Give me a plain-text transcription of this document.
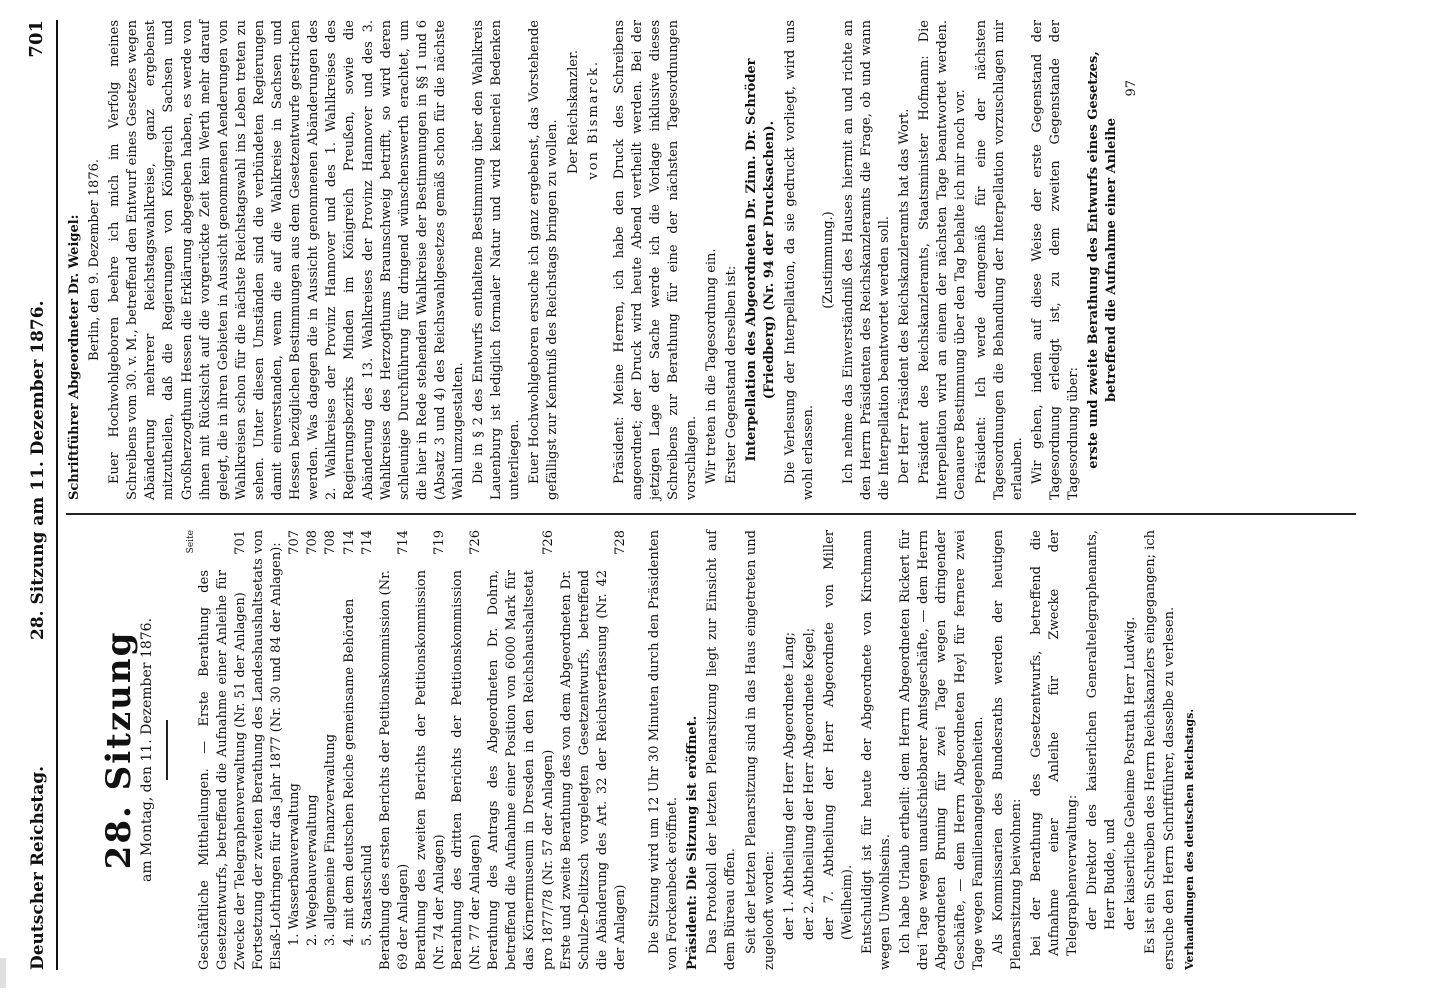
Deutscher Reichstag.
28. Sitzung am 11. Dezember 1876.
701
28. Sitzung am Montag, den 11. Dezember 1876.
Seite
Geschäftliche Mittheilungen. — Erste Berathung des Gesetzentwurfs, betreffend die Aufnahme einer Anleihe für Zwecke der Telegraphenverwaltung (Nr. 51 der Anlagen)
701 Fortsetzung der zweiten Berathung des Landeshaushaltsetats von Elsaß-Lothringen für das Jahr 1877 (Nr. 30 und 84 der Anlagen): 1. Wasserbauverwaltung
707
2. Wegebauverwaltung
708
3. allgemeine Finanzverwaltung
708
4. mit dem deutschen Reiche gemeinsame Behörden
714
5. Staatsschuld
714
Berathung des ersten Berichts der Petitionskommission (Nr. 69 der Anlagen)
714
Berathung des zweiten Berichts der Petitionskommission (Nr. 74 der Anlagen)
719
Berathung des dritten Berichts der Petitionskommission (Nr. 77 der Anlagen)
726
Berathung des Antrags des Abgeordneten Dr. Dohrn, betreffend die Aufnahme einer Position von 6000 Mark für das Körnermuseum in Dresden in den Reichshaushaltsetat pro 1877/78 (Nr. 57 der Anlagen)
726
Erste und zweite Berathung des von dem Abgeordneten Dr. Schulze-Delitzsch vorgelegten Gesetzentwurfs, betreffend die Abänderung des Art. 32 der Reichsverfassung (Nr. 42 der Anlagen)
728 Die Sitzung wird um 12 Uhr 30 Minuten durch den Präsidenten von Forckenbeck eröffnet. Präsident: Die Sitzung ist eröffnet. Das Protokoll der letzten Plenarsitzung liegt zur Einsicht auf dem Büreau offen. Seit der letzten Plenarsitzung sind in das Haus eingetreten und zugelooft worden: der 1. Abtheilung der Herr Abgeordnete Lang; der 2. Abtheilung der Herr Abgeordnete Kegel; der 7. Abtheilung der Herr Abgeordnete von Miller (Weilheim). Entschuldigt ist für heute der Abgeordnete von Kirchmann wegen Unwohlseins. Ich habe Urlaub ertheilt: dem Herrn Abgeordneten Rickert für drei Tage wegen unaufschiebbarer Amtsgeschäfte, — dem Herrn Abgeordneten Bruning für zwei Tage wegen dringender Geschäfte, — dem Herrn Abgeordneten Heyl für fernere zwei Tage wegen Familienangelegenheiten. Als Kommissarien des Bundesraths werden der heutigen Plenarsitzung beiwohnen: bei der Berathung des Gesetzentwurfs, betreffend die Aufnahme einer Anleihe für Zwecke der Telegraphenverwaltung: der Direktor des kaiserlichen Generaltelegraphenamts, Herr Budde, und der kaiserliche Geheime Postrath Herr Ludwig. Es ist ein Schreiben des Herrn Reichskanzlers eingegangen; ich ersuche den Herrn Schriftführer, dasselbe zu verlesen. Verhandlungen des deutschen Reichstags.

Schriftführer Abgeordneter Dr. Weigel: Berlin, den 9. Dezember 1876. Euer Hochwohlgeboren beehre ich mich im Verfolg meines Schreibens vom 30. v. M., betreffend den Entwurf eines Gesetzes wegen Abänderung mehrerer Reichstagswahlkreise, ganz ergebenst mitzutheilen, daß die Regierungen von Königreich Sachsen und Großherzogthum Hessen die Erklärung abgegeben haben, es werde von ihnen mit Rücksicht auf die vorgerückte Zeit kein Werth mehr darauf gelegt, die in ihren Gebieten in Aussicht genommenen Aenderungen von Wahlkreisen schon für die nächste Reichstagswahl ins Leben treten zu sehen. Unter diesen Umständen sind die verbündeten Regierungen damit einverstanden, wenn die auf die Wahlkreise in Sachsen und Hessen bezüglichen Bestimmungen aus dem Gesetzentwurfe gestrichen werden. Was dagegen die in Aussicht genommenen Abänderungen des 2. Wahlkreises der Provinz Hannover und des 1. Wahlkreises des Regierungsbezirks Minden im Königreich Preußen, sowie die Abänderung des 13. Wahlkreises der Provinz Hannover und des 3. Wahlkreises des Herzogthums Braunschweig betrifft, so wird deren schleunige Durchführung für dringend wünschenswerth erachtet, um die hier in Rede stehenden Wahlkreise der Bestimmungen in §§ 1 und 6 (Absatz 3 und 4) des Reichswahlgesetzes gemäß schon für die nächste Wahl umzugestalten. Die in § 2 des Entwurfs enthaltene Bestimmung über den Wahlkreis Lauenburg ist lediglich formaler Natur und wird keinerlei Bedenken unterliegen. Euer Hochwohlgeboren ersuche ich ganz ergebenst, das Vorstehende gefälligst zur Kenntniß des Reichstags bringen zu wollen.

Der Reichskanzler. von Bismarck. Präsident: Meine Herren, ich habe den Druck des Schreibens angeordnet; der Druck wird heute Abend vertheilt werden. Bei der jetzigen Lage der Sache werde ich die Vorlage inklusive dieses Schreibens zur Berathung für eine der nächsten Tagesordnungen vorschlagen. Wir treten in die Tagesordnung ein. Erster Gegenstand derselben ist: Interpellation des Abgeordneten Dr. Zinn. Dr. Schröder (Friedberg) (Nr. 94 der Drucksachen). Die Verlesung der Interpellation, da sie gedruckt vorliegt, wird uns wohl erlassen.

(Zustimmung.) Ich nehme das Einverständniß des Hauses hiermit an und richte an den Herrn Präsidenten des Reichskanzleramts die Frage, ob und wann die Interpellation beantwortet werden soll. Der Herr Präsident des Reichskanzleramts hat das Wort. Präsident des Reichskanzleramts, Staatsminister Hofmann: Die Interpellation wird an einem der nächsten Tage beantwortet werden. Genauere Bestimmung über den Tag behalte ich mir noch vor. Präsident: Ich werde demgemäß für eine der nächsten Tagesordnungen die Behandlung der Interpellation vorzuschlagen mir erlauben. Wir gehen, indem auf diese Weise der erste Gegenstand der Tagesordnung erledigt ist, zu dem zweiten Gegenstande der Tagesordnung über: erste und zweite Berathung des Entwurfs eines Gesetzes, betreffend die Aufnahme einer Anleihe

97
